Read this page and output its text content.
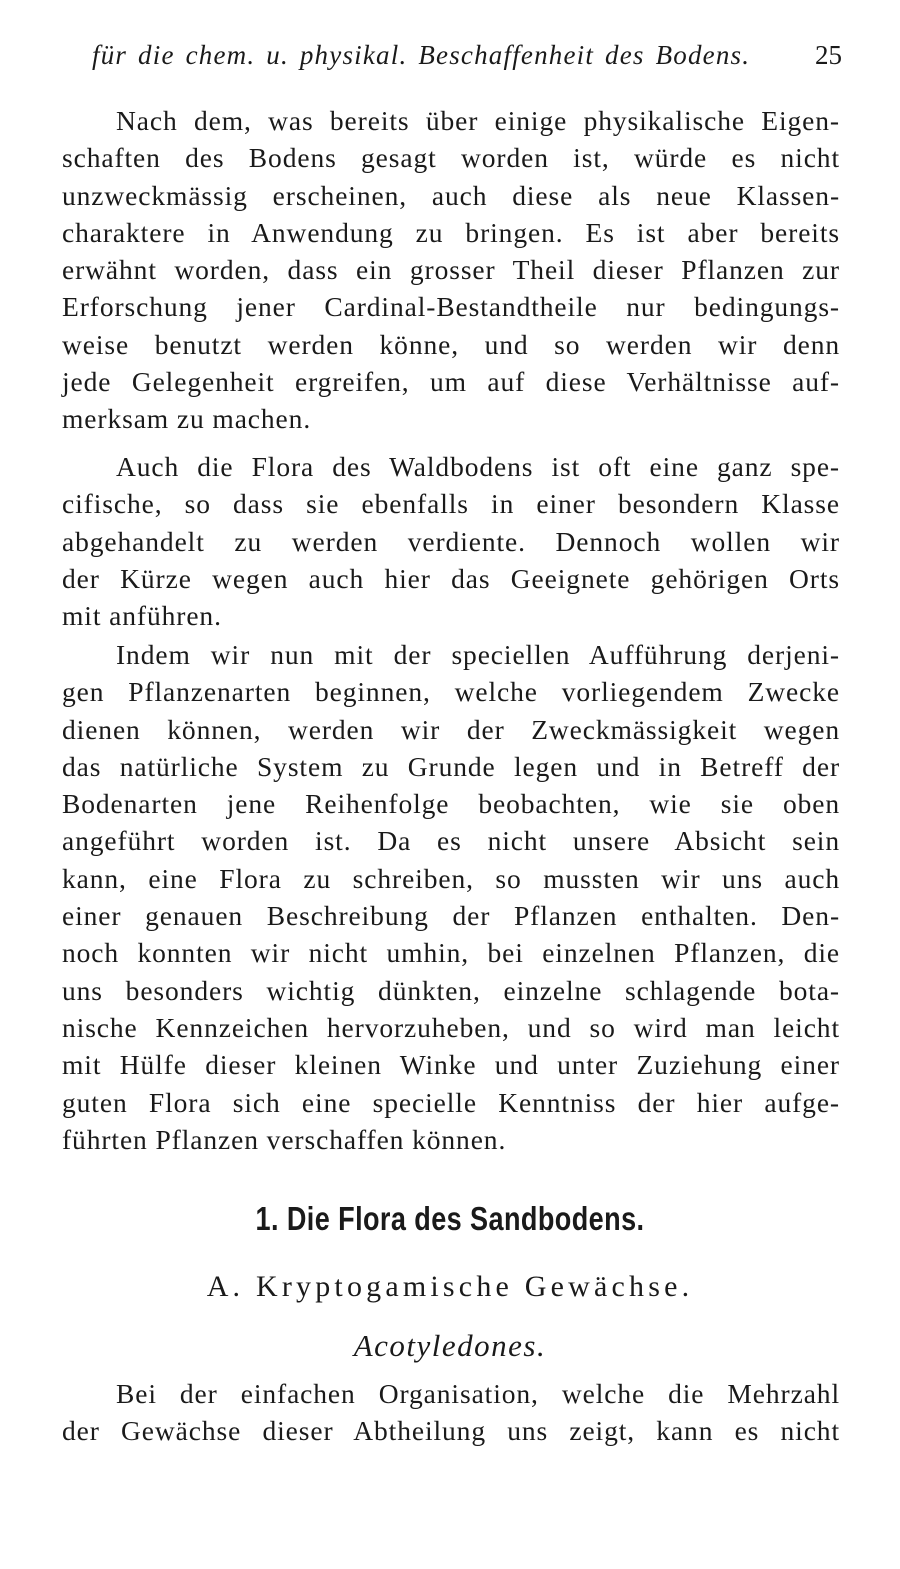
für die chem. u. physikal. Beschaffenheit des Bodens. 25
Nach dem, was bereits über einige physikalische Eigen-
schaften des Bodens gesagt worden ist, würde es nicht
unzweckmässig erscheinen, auch diese als neue Klassen-
charaktere in Anwendung zu bringen. Es ist aber bereits
erwähnt worden, dass ein grosser Theil dieser Pflanzen zur
Erforschung jener Cardinal-Bestandtheile nur bedingungs-
weise benutzt werden könne, und so werden wir denn
jede Gelegenheit ergreifen, um auf diese Verhältnisse auf-
merksam zu machen.
Auch die Flora des Waldbodens ist oft eine ganz spe-
cifische, so dass sie ebenfalls in einer besondern Klasse
abgehandelt zu werden verdiente. Dennoch wollen wir
der Kürze wegen auch hier das Geeignete gehörigen Orts
mit anführen.
Indem wir nun mit der speciellen Aufführung derjeni-
gen Pflanzenarten beginnen, welche vorliegendem Zwecke
dienen können, werden wir der Zweckmässigkeit wegen
das natürliche System zu Grunde legen und in Betreff der
Bodenarten jene Reihenfolge beobachten, wie sie oben
angeführt worden ist. Da es nicht unsere Absicht sein
kann, eine Flora zu schreiben, so mussten wir uns auch
einer genauen Beschreibung der Pflanzen enthalten. Den-
noch konnten wir nicht umhin, bei einzelnen Pflanzen, die
uns besonders wichtig dünkten, einzelne schlagende bota-
nische Kennzeichen hervorzuheben, und so wird man leicht
mit Hülfe dieser kleinen Winke und unter Zuziehung einer
guten Flora sich eine specielle Kenntniss der hier aufge-
führten Pflanzen verschaffen können.
1. Die Flora des Sandbodens.
A. Kryptogamische Gewächse.
Acotyledones.
Bei der einfachen Organisation, welche die Mehrzahl
der Gewächse dieser Abtheilung uns zeigt, kann es nicht
